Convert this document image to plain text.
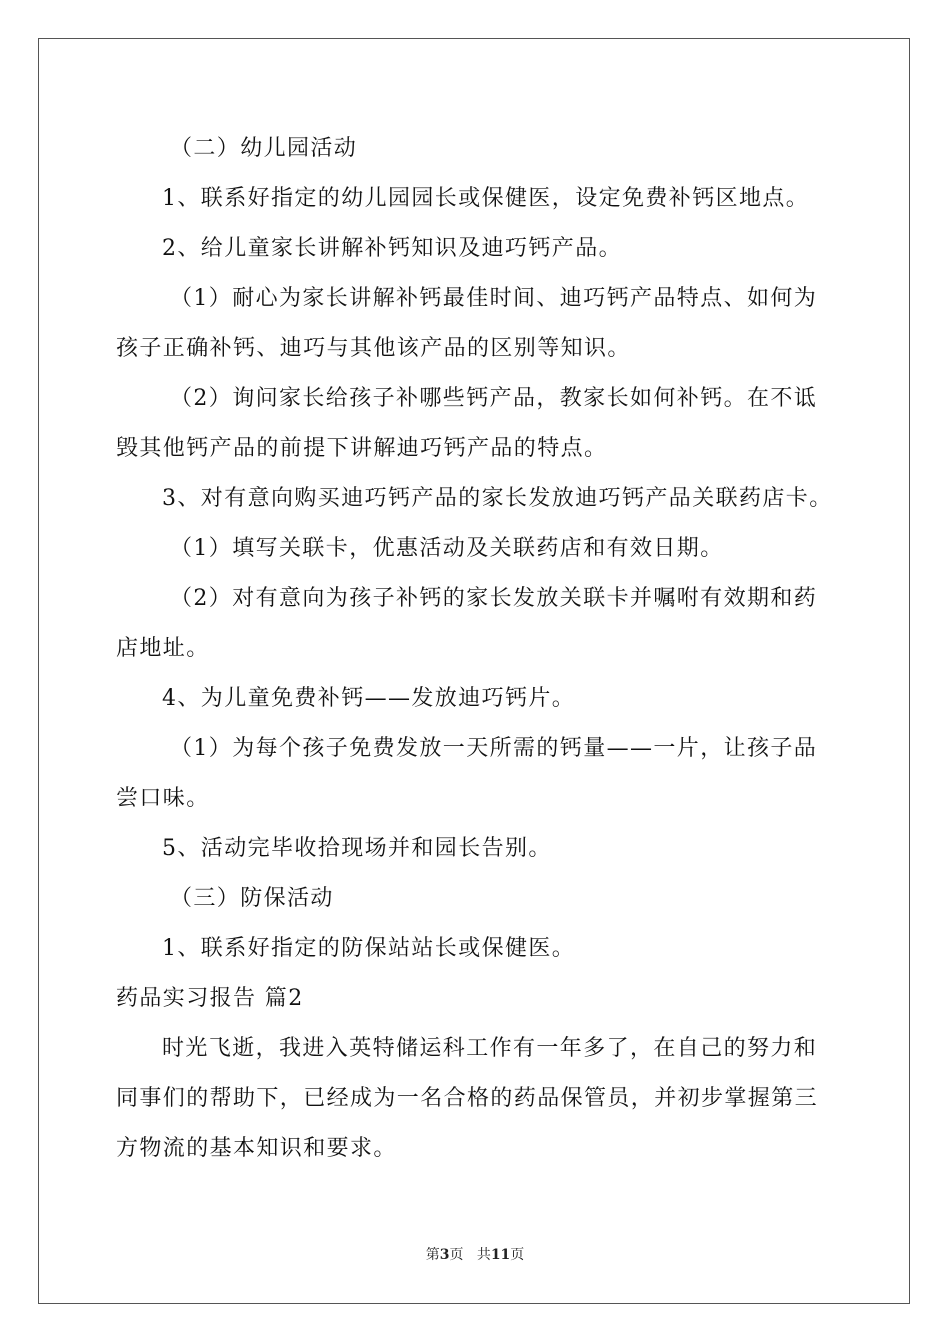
（二）幼儿园活动
1、联系好指定的幼儿园园长或保健医，设定免费补钙区地点。
2、给儿童家长讲解补钙知识及迪巧钙产品。
（1）耐心为家长讲解补钙最佳时间、迪巧钙产品特点、如何为
孩子正确补钙、迪巧与其他该产品的区别等知识。
（2）询问家长给孩子补哪些钙产品，教家长如何补钙。在不诋
毁其他钙产品的前提下讲解迪巧钙产品的特点。
3、对有意向购买迪巧钙产品的家长发放迪巧钙产品关联药店卡。
（1）填写关联卡，优惠活动及关联药店和有效日期。
（2）对有意向为孩子补钙的家长发放关联卡并嘱咐有效期和药
店地址。
4、为儿童免费补钙——发放迪巧钙片。
（1）为每个孩子免费发放一天所需的钙量——一片，让孩子品
尝口味。
5、活动完毕收拾现场并和园长告别。
（三）防保活动
1、联系好指定的防保站站长或保健医。
药品实习报告 篇2
时光飞逝，我进入英特储运科工作有一年多了，在自己的努力和
同事们的帮助下，已经成为一名合格的药品保管员，并初步掌握第三
方物流的基本知识和要求。
第3页 共11页
